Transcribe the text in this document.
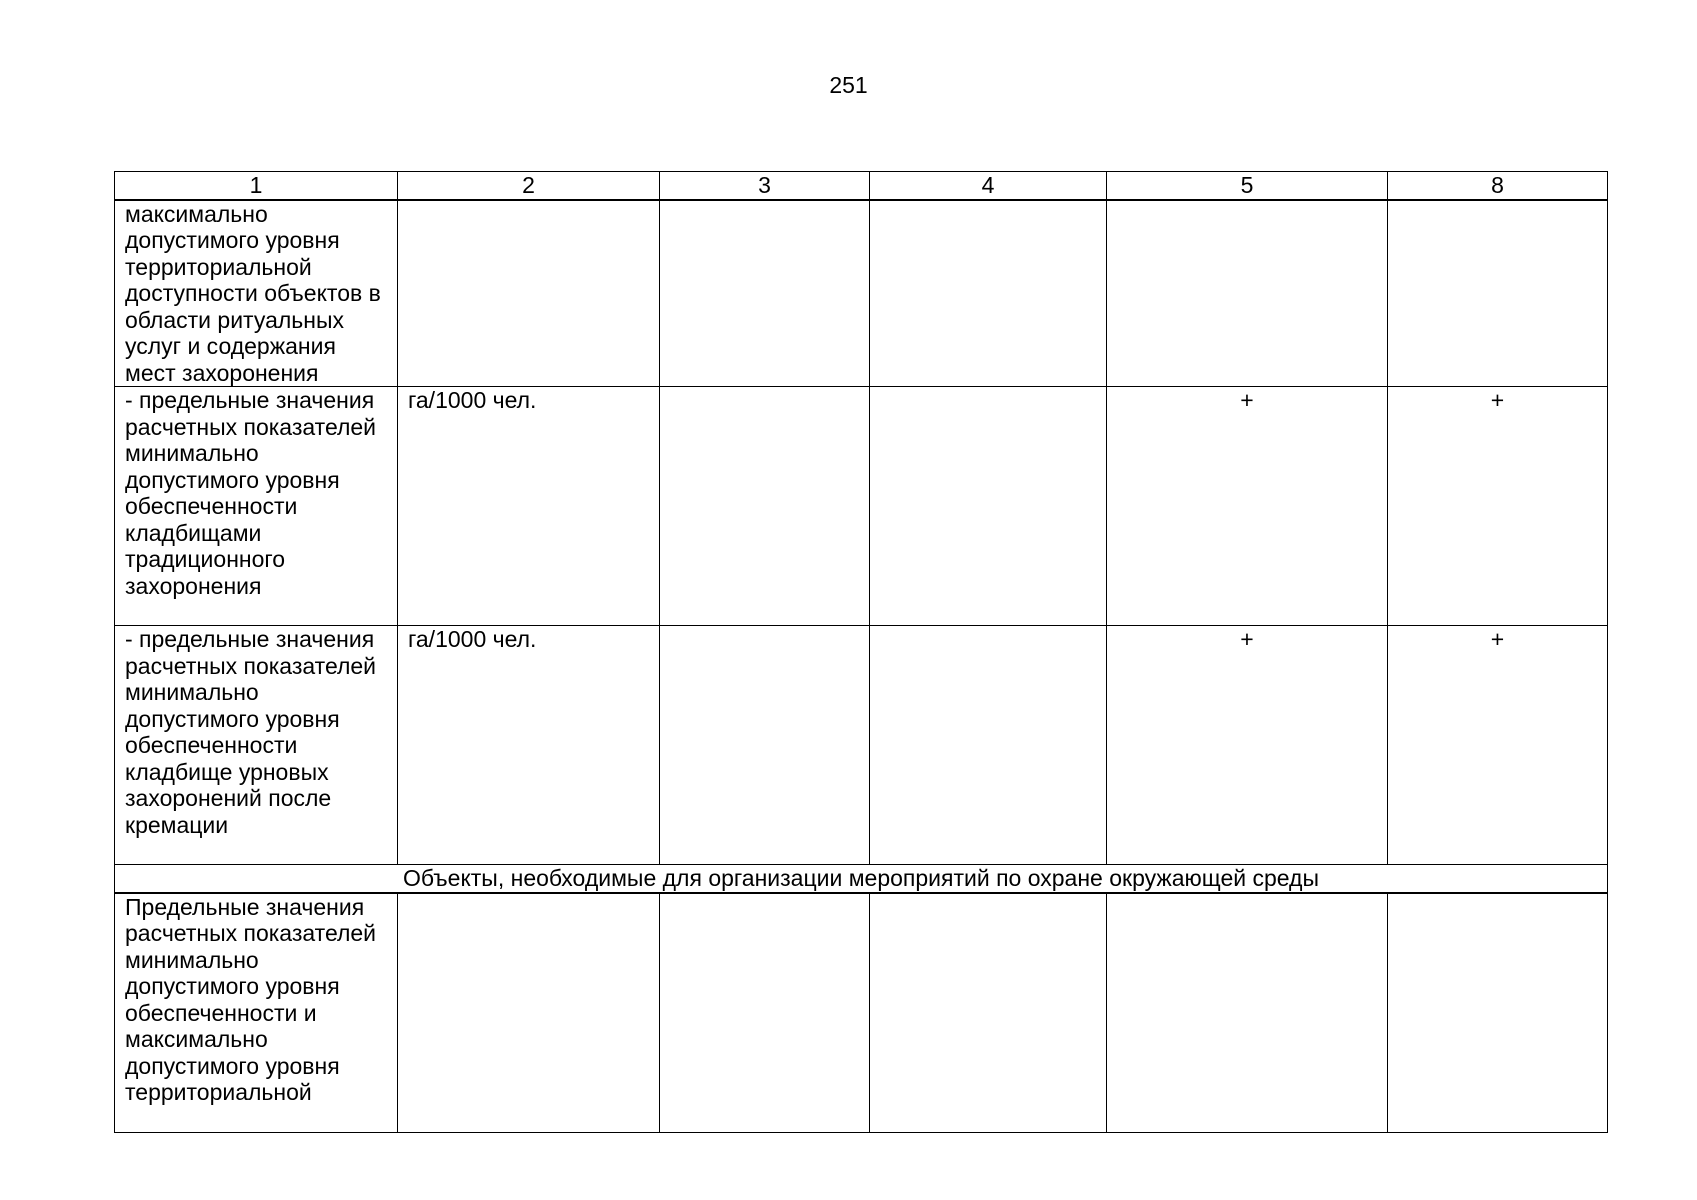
251
1	2	3	4	5	8
максимально допустимого уровня территориальной доступности объектов в области ритуальных услуг и содержания мест захоронения					
- предельные значения расчетных показателей минимально допустимого уровня обеспеченности кладбищами традиционного захоронения	га/1000 чел.			+	+
- предельные значения расчетных показателей минимально допустимого уровня обеспеченности кладбище урновых захоронений после кремации	га/1000 чел.			+	+
Объекты, необходимые для организации мероприятий по охране окружающей среды					
Предельные значения расчетных показателей минимально допустимого уровня обеспеченности и максимально допустимого уровня территориальной					
